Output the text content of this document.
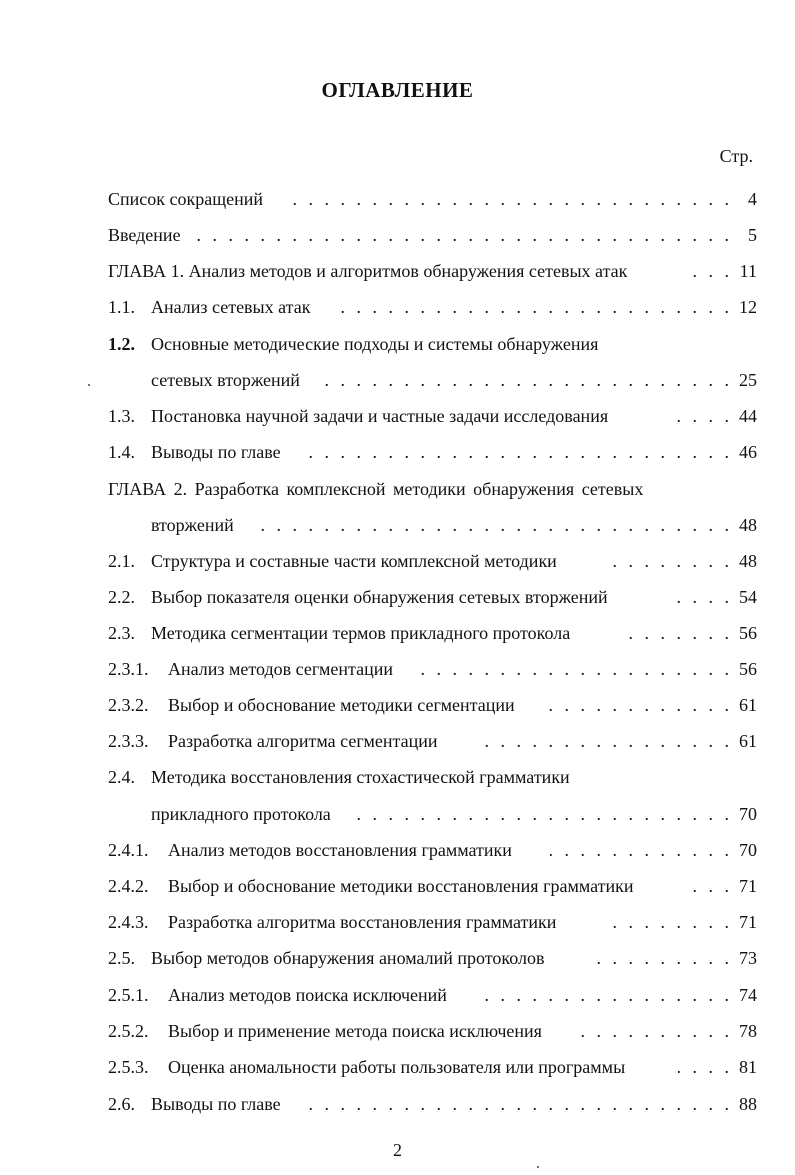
ОГЛАВЛЕНИЕ
Стр.
Список сокращений . . .	4
Введение . . .	5
ГЛАВА 1. Анализ методов и алгоритмов обнаружения сетевых атак . . .	11
1.1. Анализ сетевых атак . . .	12
1.2. Основные методические подходы и системы обнаружения
сетевых вторжений . . .	25
1.3. Постановка научной задачи и частные задачи исследования . . .	44
1.4. Выводы по главе . . .	46
ГЛАВА 2. Разработка комплексной методики обнаружения сетевых
вторжений . . .	48
2.1. Структура и составные части комплексной методики . . .	48
2.2. Выбор показателя оценки обнаружения сетевых вторжений . . .	54
2.3. Методика сегментации термов прикладного протокола . . .	56
2.3.1. Анализ методов сегментации . . .	56
2.3.2. Выбор и обоснование методики сегментации . . .	61
2.3.3. Разработка алгоритма сегментации . . .	61
2.4. Методика восстановления стохастической грамматики
прикладного протокола . . .	70
2.4.1. Анализ методов восстановления грамматики . . .	70
2.4.2. Выбор и обоснование методики восстановления грамматики . . .	71
2.4.3. Разработка алгоритма восстановления грамматики . . .	71
2.5. Выбор методов обнаружения аномалий протоколов . . .	73
2.5.1. Анализ методов поиска исключений . . .	74
2.5.2. Выбор и применение метода поиска исключения . . .	78
2.5.3. Оценка аномальности работы пользователя или программы . . .	81
2.6. Выводы по главе . . .	88
2
